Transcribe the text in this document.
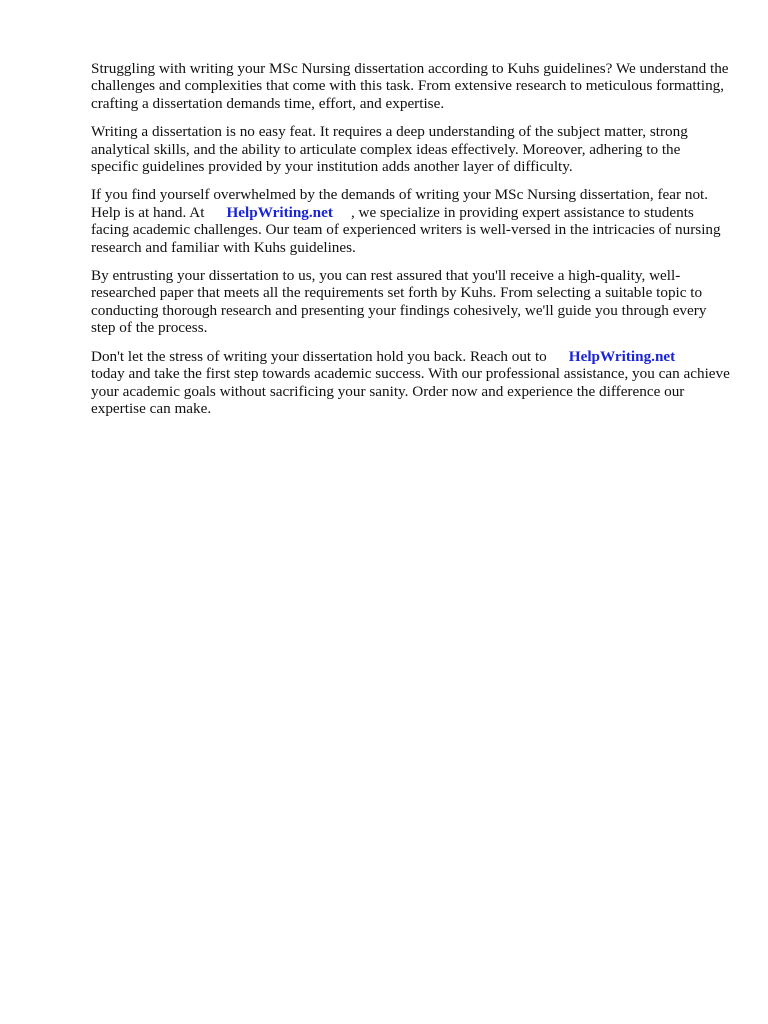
Struggling with writing your MSc Nursing dissertation according to Kuhs guidelines? We understand the challenges and complexities that come with this task. From extensive research to meticulous formatting, crafting a dissertation demands time, effort, and expertise.

Writing a dissertation is no easy feat. It requires a deep understanding of the subject matter, strong analytical skills, and the ability to articulate complex ideas effectively. Moreover, adhering to the specific guidelines provided by your institution adds another layer of difficulty.

If you find yourself overwhelmed by the demands of writing your MSc Nursing dissertation, fear not. Help is at hand. At HelpWriting.net , we specialize in providing expert assistance to students facing academic challenges. Our team of experienced writers is well-versed in the intricacies of nursing research and familiar with Kuhs guidelines.

By entrusting your dissertation to us, you can rest assured that you'll receive a high-quality, well-researched paper that meets all the requirements set forth by Kuhs. From selecting a suitable topic to conducting thorough research and presenting your findings cohesively, we'll guide you through every step of the process.

Don't let the stress of writing your dissertation hold you back. Reach out to HelpWriting.net
today and take the first step towards academic success. With our professional assistance, you can achieve your academic goals without sacrificing your sanity. Order now and experience the difference our expertise can make.
